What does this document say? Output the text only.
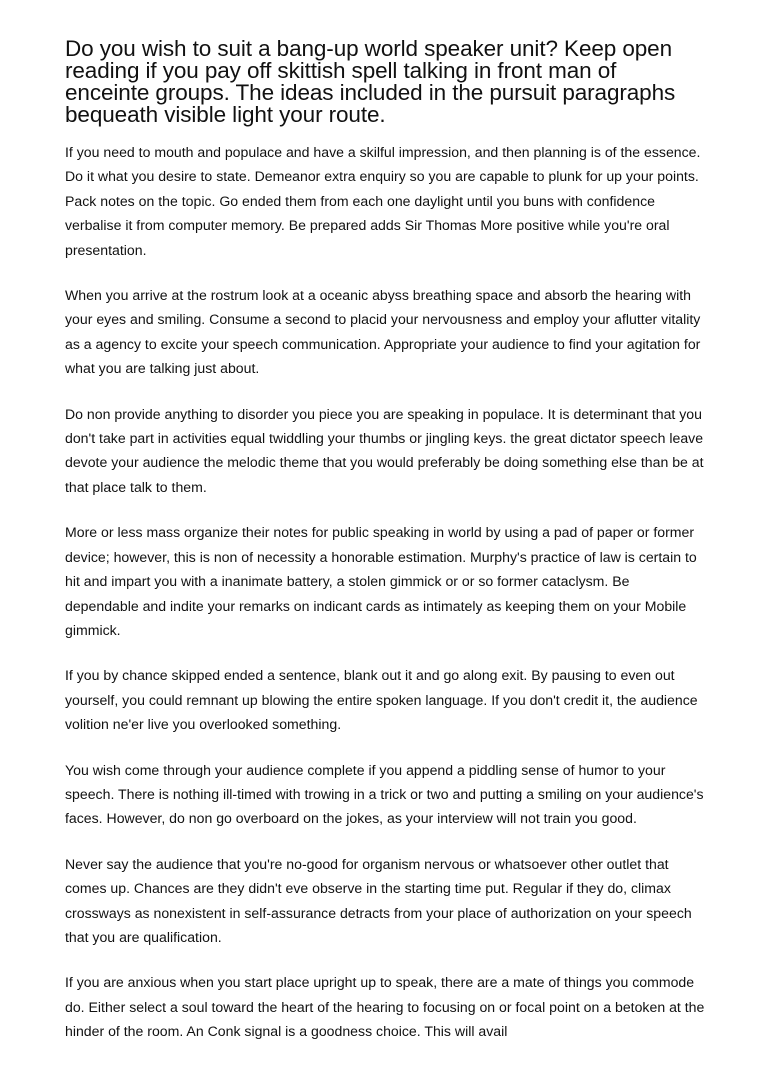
Do you wish to suit a bang-up world speaker unit? Keep open reading if you pay off skittish spell talking in front man of enceinte groups. The ideas included in the pursuit paragraphs bequeath visible light your route.

If you need to mouth and populace and have a skilful impression, and then planning is of the essence. Do it what you desire to state. Demeanor extra enquiry so you are capable to plunk for up your points. Pack notes on the topic. Go ended them from each one daylight until you buns with confidence verbalise it from computer memory. Be prepared adds Sir Thomas More positive while you're oral presentation.

When you arrive at the rostrum look at a oceanic abyss breathing space and absorb the hearing with your eyes and smiling. Consume a second to placid your nervousness and employ your aflutter vitality as a agency to excite your speech communication. Appropriate your audience to find your agitation for what you are talking just about.

Do non provide anything to disorder you piece you are speaking in populace. It is determinant that you don't take part in activities equal twiddling your thumbs or jingling keys. the great dictator speech leave devote your audience the melodic theme that you would preferably be doing something else than be at that place talk to them.

More or less mass organize their notes for public speaking in world by using a pad of paper or former device; however, this is non of necessity a honorable estimation. Murphy's practice of law is certain to hit and impart you with a inanimate battery, a stolen gimmick or or so former cataclysm. Be dependable and indite your remarks on indicant cards as intimately as keeping them on your Mobile gimmick.

If you by chance skipped ended a sentence, blank out it and go along exit. By pausing to even out yourself, you could remnant up blowing the entire spoken language. If you don't credit it, the audience volition ne'er live you overlooked something.

You wish come through your audience complete if you append a piddling sense of humor to your speech. There is nothing ill-timed with trowing in a trick or two and putting a smiling on your audience's faces. However, do non go overboard on the jokes, as your interview will not train you good.

Never say the audience that you're no-good for organism nervous or whatsoever other outlet that comes up. Chances are they didn't eve observe in the starting time put. Regular if they do, climax crossways as nonexistent in self-assurance detracts from your place of authorization on your speech that you are qualification.

If you are anxious when you start place upright up to speak, there are a mate of things you commode do. Either select a soul toward the heart of the hearing to focusing on or focal point on a betoken at the hinder of the room. An Conk signal is a goodness choice. This will avail
